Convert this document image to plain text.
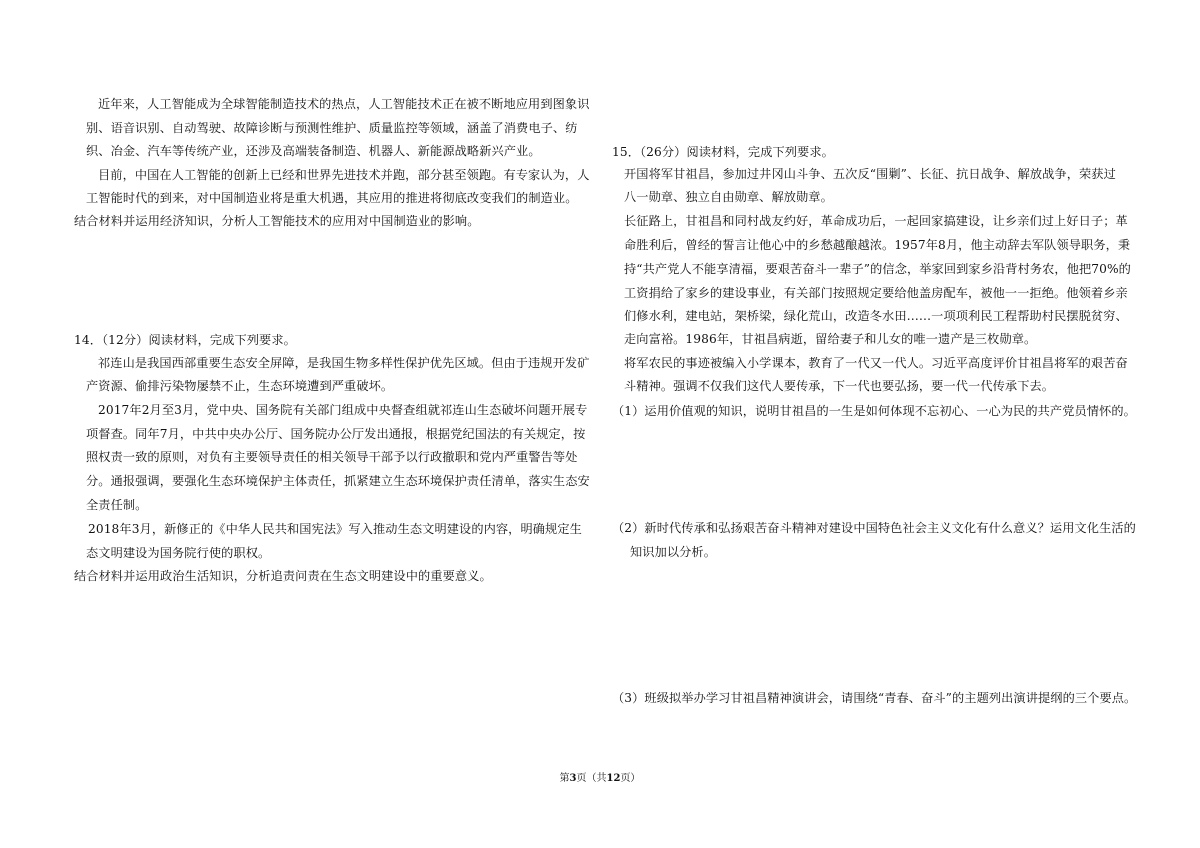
近年来，人工智能成为全球智能制造技术的热点，人工智能技术正在被不断地应用到图象识
别、语音识别、自动驾驶、故障诊断与预测性维护、质量监控等领域，涵盖了消费电子、纺
织、冶金、汽车等传统产业，还涉及高端装备制造、机器人、新能源战略新兴产业。
目前，中国在人工智能的创新上已经和世界先进技术并跑，部分甚至领跑。有专家认为，人
工智能时代的到来，对中国制造业将是重大机遇，其应用的推进将彻底改变我们的制造业。
结合材料并运用经济知识，分析人工智能技术的应用对中国制造业的影响。
14．（12分）阅读材料，完成下列要求。
祁连山是我国西部重要生态安全屏障，是我国生物多样性保护优先区域。但由于违规开发矿
产资源、偷排污染物屡禁不止，生态环境遭到严重破坏。
2017年2月至3月，党中央、国务院有关部门组成中央督查组就祁连山生态破坏问题开展专
项督查。同年7月，中共中央办公厅、国务院办公厅发出通报，根据党纪国法的有关规定，按
照权责一致的原则，对负有主要领导责任的相关领导干部予以行政撤职和党内严重警告等处
分。通报强调，要强化生态环境保护主体责任，抓紧建立生态环境保护责任清单，落实生态安
全责任制。
2018年3月，新修正的《中华人民共和国宪法》写入推动生态文明建设的内容，明确规定生
态文明建设为国务院行使的职权。
结合材料并运用政治生活知识，分析追责问责在生态文明建设中的重要意义。
15．（26分）阅读材料，完成下列要求。
开国将军甘祖昌，参加过井冈山斗争、五次反“围剿”、长征、抗日战争、解放战争，荣获过
八一勋章、独立自由勋章、解放勋章。
长征路上，甘祖昌和同村战友约好，革命成功后，一起回家搞建设，让乡亲们过上好日子；革
命胜利后，曾经的誓言让他心中的乡愁越酿越浓。1957年8月，他主动辞去军队领导职务，秉
持“共产党人不能享清福，要艰苦奋斗一辈子”的信念，举家回到家乡沿背村务农，他把70%的
工资捐给了家乡的建设事业，有关部门按照规定要给他盖房配车，被他一一拒绝。他领着乡亲
们修水利，建电站，架桥梁，绿化荒山，改造冬水田……一项项利民工程帮助村民摆脱贫穷、
走向富裕。1986年，甘祖昌病逝，留给妻子和儿女的唯一遗产是三枚勋章。
将军农民的事迹被编入小学课本，教育了一代又一代人。习近平高度评价甘祖昌将军的艰苦奋
斗精神。强调不仅我们这代人要传承，下一代也要弘扬，要一代一代传承下去。
（1）运用价值观的知识，说明甘祖昌的一生是如何体现不忘初心、一心为民的共产党员情怀的。
（2）新时代传承和弘扬艰苦奋斗精神对建设中国特色社会主义文化有什么意义？运用文化生活的
知识加以分析。
（3）班级拟举办学习甘祖昌精神演讲会，请围绕“青春、奋斗”的主题列出演讲提纲的三个要点。
第3页（共12页）
